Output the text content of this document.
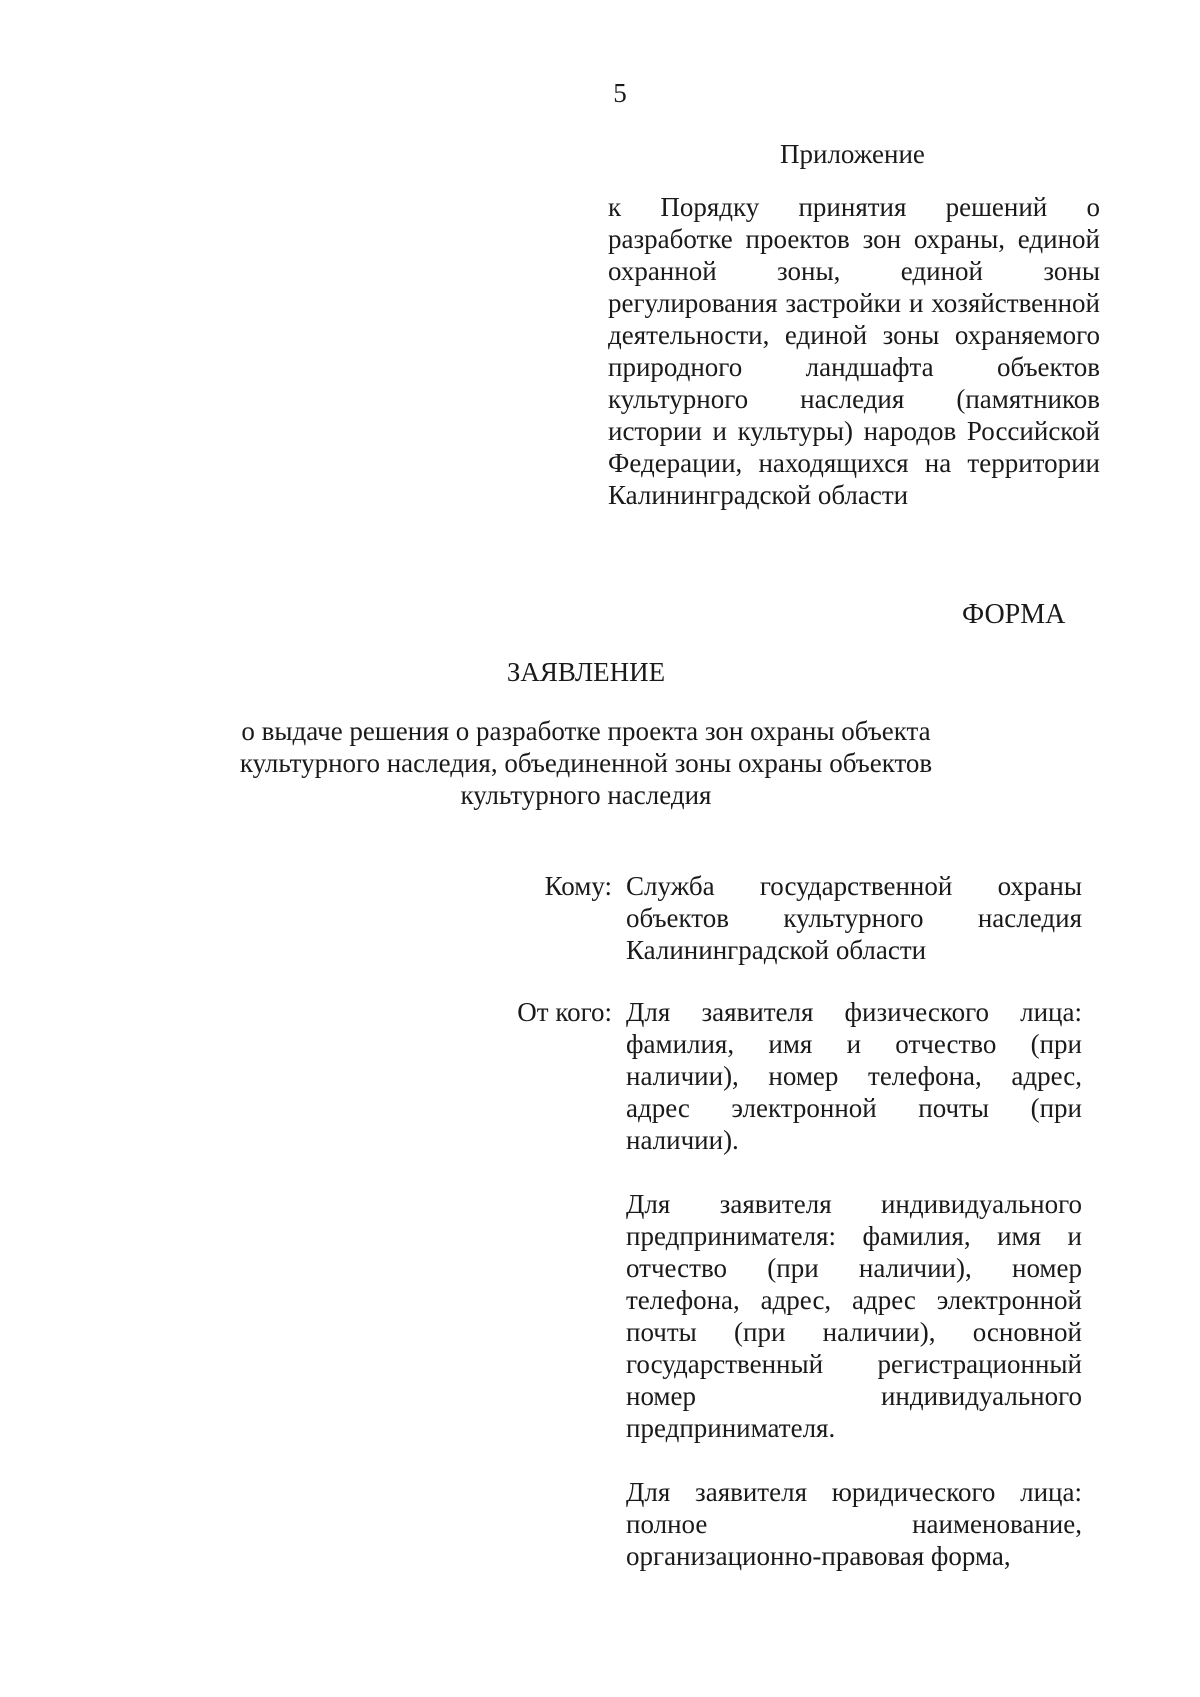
5
Приложение
к Порядку принятия решений о разработке проектов зон охраны, единой охранной зоны, единой зоны регулирования застройки и хозяйственной деятельности, единой зоны охраняемого природного ландшафта объектов культурного наследия (памятников истории и культуры) народов Российской Федерации, находящихся на территории
Калининградской области
ФОРМА
ЗАЯВЛЕНИЕ
о выдаче решения о разработке проекта зон охраны объекта культурного наследия, объединенной зоны охраны объектов культурного наследия
Кому: Служба государственной охраны объектов культурного наследия
Калининградской области
От кого: Для заявителя физического лица: фамилия, имя и отчество (при наличии), номер телефона, адрес, адрес электронной почты (при наличии).

Для заявителя индивидуального предпринимателя: фамилия, имя и отчество (при наличии), номер телефона, адрес, адрес электронной почты (при наличии), основной государственный регистрационный номер индивидуального предпринимателя.

Для заявителя юридического лица: полное наименование, организационно-правовая форма,
